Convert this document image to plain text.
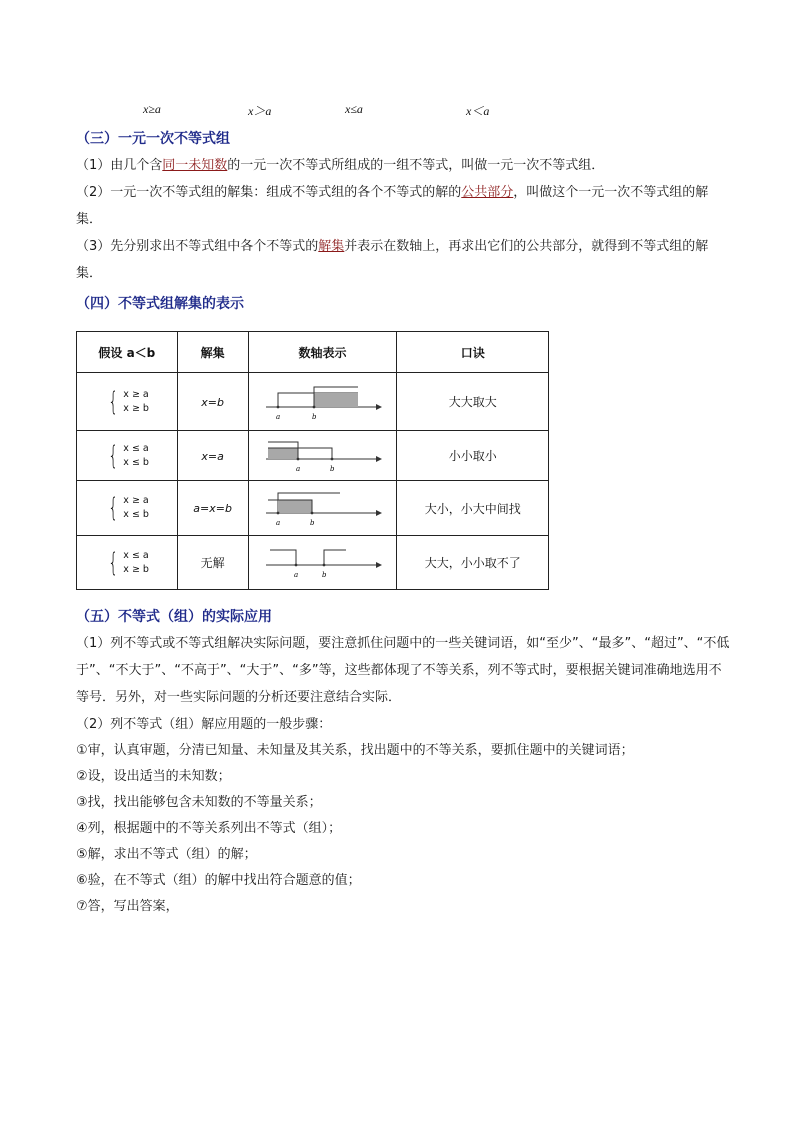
x≥a	x＞a	x≤a	x＜a
（三）一元一次不等式组
（1）由几个含同一未知数的一元一次不等式所组成的一组不等式，叫做一元一次不等式组．
（2）一元一次不等式组的解集：组成不等式组的各个不等式的解的公共部分，叫做这个一元一次不等式组的解集．
（3）先分别求出不等式组中各个不等式的解集并表示在数轴上，再求出它们的公共部分，就得到不等式组的解集．
（四）不等式组解集的表示
假设 a＜b	解集	数轴表示	口诀

{ x ≥ a
x ≥ b	x=b	a b	大大取大

{ x ≤ a
x ≤ b	x=a	a b	小小取小

{ x ≥ a
x ≤ b	a=x=b	a b	大小，小大中间找

{ x ≤ a
x ≥ b	无解	a b	大大，小小取不了
（五）不等式（组）的实际应用
（1）列不等式或不等式组解决实际问题，要注意抓住问题中的一些关键词语，如“至少”、“最多”、“超过”、“不低于”、“不大于”、“不高于”、“大于”、“多”等，这些都体现了不等关系，列不等式时，要根据关键词准确地选用不等号．另外，对一些实际问题的分析还要注意结合实际．
（2）列不等式（组）解应用题的一般步骤：
①审，认真审题，分清已知量、未知量及其关系，找出题中的不等关系，要抓住题中的关键词语；
②设，设出适当的未知数；
③找，找出能够包含未知数的不等量关系；
④列，根据题中的不等关系列出不等式（组）；
⑤解，求出不等式（组）的解；
⑥验，在不等式（组）的解中找出符合题意的值；
⑦答，写出答案，
